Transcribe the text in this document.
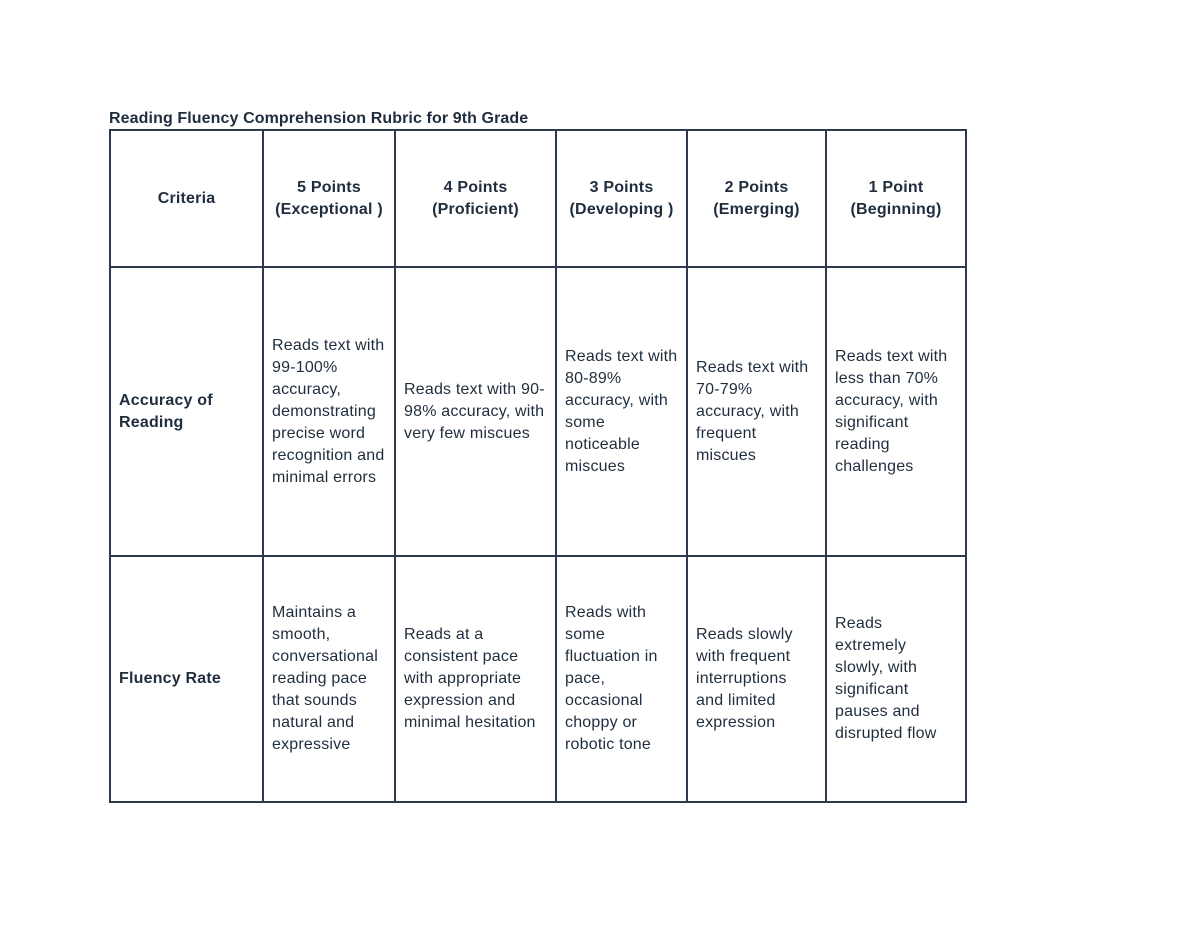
Reading Fluency Comprehension Rubric for 9th Grade
Criteria	5 Points (Exceptional )	4 Points (Proficient)	3 Points (Developing )	2 Points (Emerging)	1 Point (Beginning)
Accuracy of Reading	Reads text with 99-100% accuracy, demonstrating precise word recognition and minimal errors	Reads text with 90-98% accuracy, with very few miscues	Reads text with 80-89% accuracy, with some noticeable miscues	Reads text with 70-79% accuracy, with frequent miscues	Reads text with less than 70% accuracy, with significant reading challenges
Fluency Rate	Maintains a smooth, conversational reading pace that sounds natural and expressive	Reads at a consistent pace with appropriate expression and minimal hesitation	Reads with some fluctuation in pace, occasional choppy or robotic tone	Reads slowly with frequent interruptions and limited expression	Reads extremely slowly, with significant pauses and disrupted flow
